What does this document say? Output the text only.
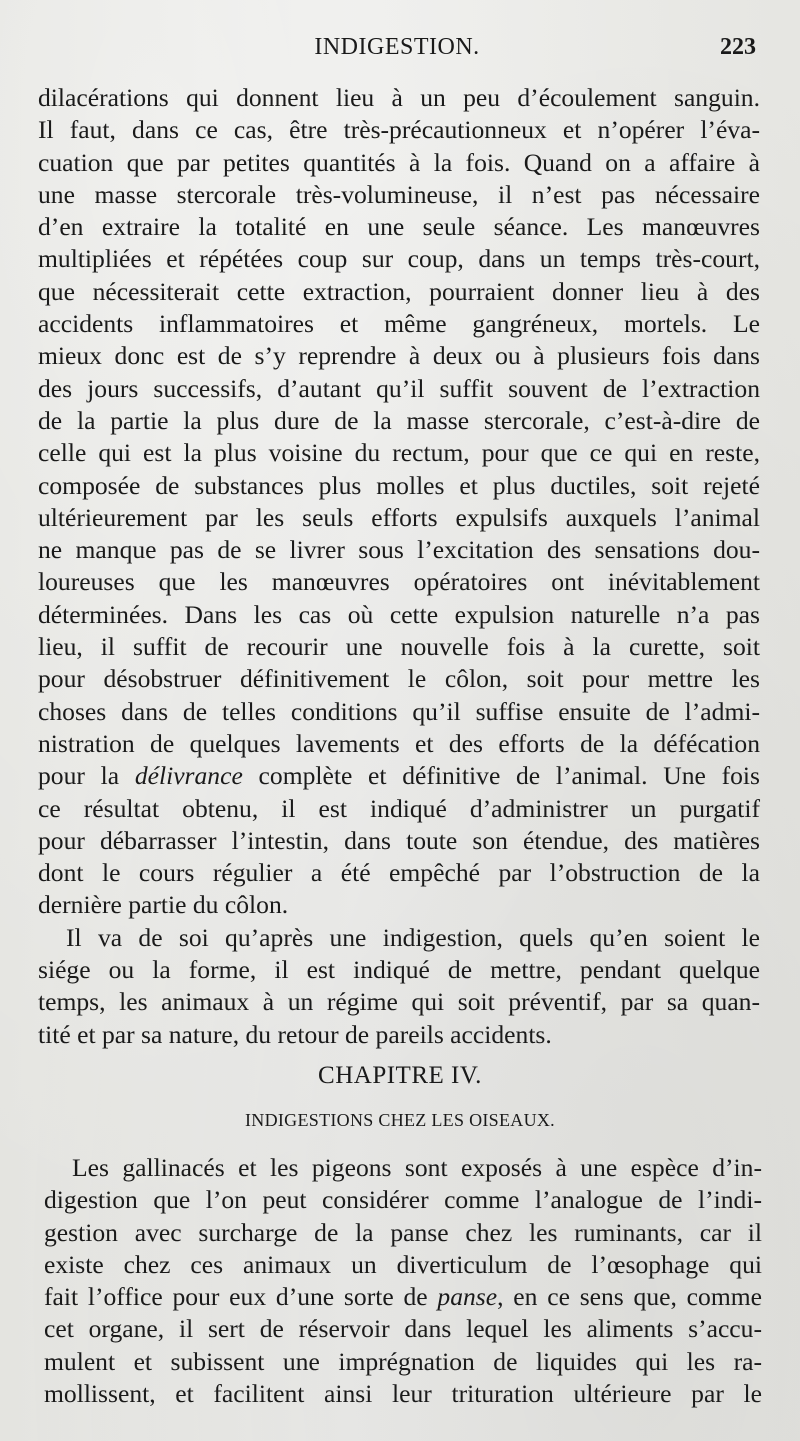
INDIGESTION.	223
dilacérations qui donnent lieu à un peu d’écoulement sanguin.
Il faut, dans ce cas, être très-précautionneux et n’opérer l’éva-
cuation que par petites quantités à la fois. Quand on a affaire à
une masse stercorale très-volumineuse, il n’est pas nécessaire
d’en extraire la totalité en une seule séance. Les manœuvres
multipliées et répétées coup sur coup, dans un temps très-court,
que nécessiterait cette extraction, pourraient donner lieu à des
accidents inflammatoires et même gangréneux, mortels. Le
mieux donc est de s’y reprendre à deux ou à plusieurs fois dans
des jours successifs, d’autant qu’il suffit souvent de l’extraction
de la partie la plus dure de la masse stercorale, c’est-à-dire de
celle qui est la plus voisine du rectum, pour que ce qui en reste,
composée de substances plus molles et plus ductiles, soit rejeté
ultérieurement par les seuls efforts expulsifs auxquels l’animal
ne manque pas de se livrer sous l’excitation des sensations dou-
loureuses que les manœuvres opératoires ont inévitablement
déterminées. Dans les cas où cette expulsion naturelle n’a pas
lieu, il suffit de recourir une nouvelle fois à la curette, soit
pour désobstruer définitivement le côlon, soit pour mettre les
choses dans de telles conditions qu’il suffise ensuite de l’admi-
nistration de quelques lavements et des efforts de la défécation
pour la délivrance complète et définitive de l’animal. Une fois
ce résultat obtenu, il est indiqué d’administrer un purgatif
pour débarrasser l’intestin, dans toute son étendue, des matières
dont le cours régulier a été empêché par l’obstruction de la
dernière partie du côlon.
Il va de soi qu’après une indigestion, quels qu’en soient le
siége ou la forme, il est indiqué de mettre, pendant quelque
temps, les animaux à un régime qui soit préventif, par sa quan-
tité et par sa nature, du retour de pareils accidents.
CHAPITRE IV.
INDIGESTIONS CHEZ LES OISEAUX.
Les gallinacés et les pigeons sont exposés à une espèce d’in-
digestion que l’on peut considérer comme l’analogue de l’indi-
gestion avec surcharge de la panse chez les ruminants, car il
existe chez ces animaux un diverticulum de l’œsophage qui
fait l’office pour eux d’une sorte de panse, en ce sens que, comme
cet organe, il sert de réservoir dans lequel les aliments s’accu-
mulent et subissent une imprégnation de liquides qui les ra-
mollissent, et facilitent ainsi leur trituration ultérieure par le
